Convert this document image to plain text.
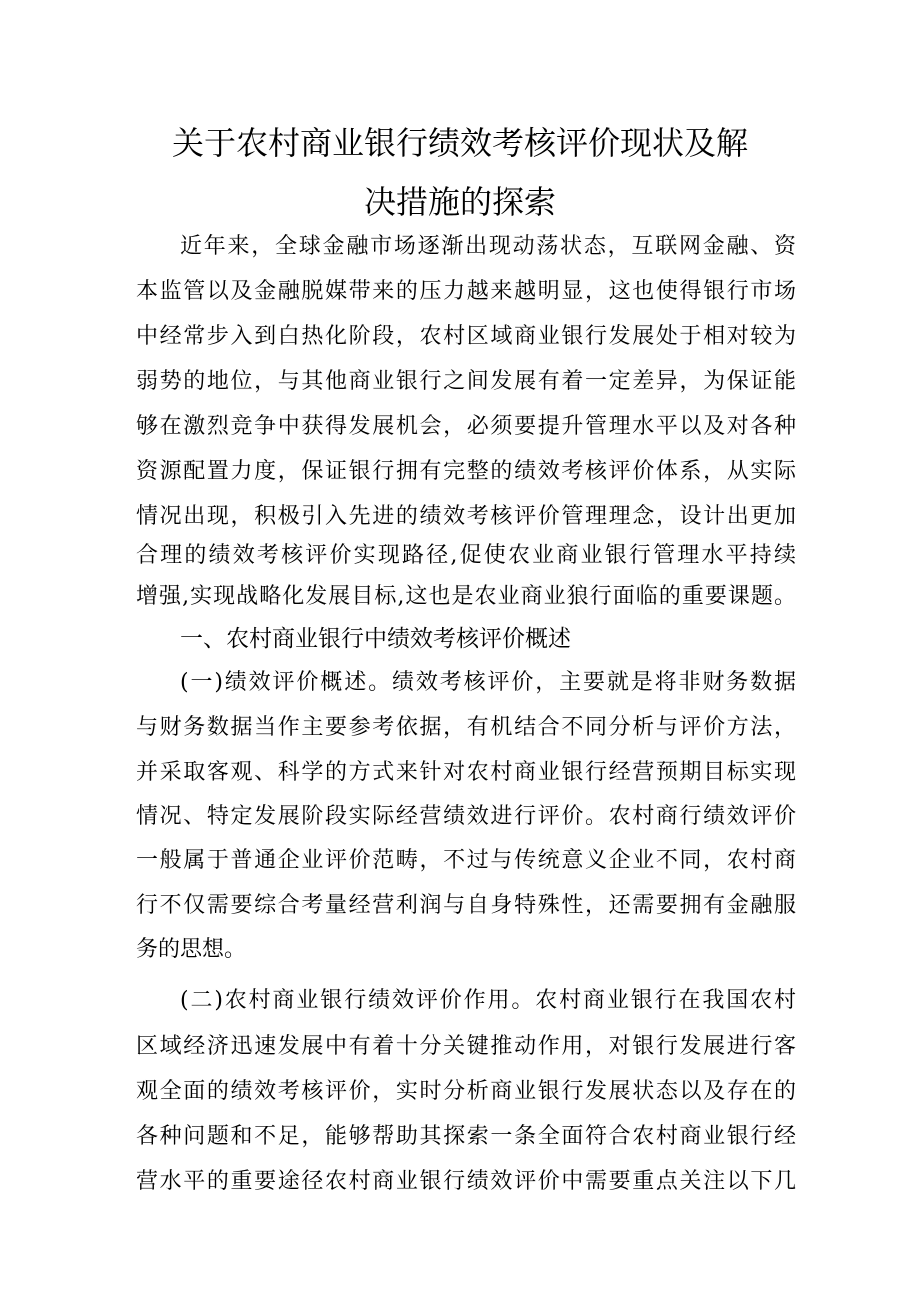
关于农村商业银行绩效考核评价现状及解
决措施的探索
近年来，全球金融市场逐渐出现动荡状态，互联网金融、资
本监管以及金融脱媒带来的压力越来越明显，这也使得银行市场
中经常步入到白热化阶段，农村区域商业银行发展处于相对较为
弱势的地位，与其他商业银行之间发展有着一定差异，为保证能
够在激烈竞争中获得发展机会，必须要提升管理水平以及对各种
资源配置力度，保证银行拥有完整的绩效考核评价体系，从实际
情况出现，积极引入先进的绩效考核评价管理理念，设计出更加
合理的绩效考核评价实现路径,促使农业商业银行管理水平持续
增强,实现战略化发展目标,这也是农业商业狼行面临的重要课题。
一、农村商业银行中绩效考核评价概述
(一)绩效评价概述。绩效考核评价，主要就是将非财务数据
与财务数据当作主要参考依据，有机结合不同分析与评价方法，
并采取客观、科学的方式来针对农村商业银行经营预期目标实现
情况、特定发展阶段实际经营绩效进行评价。农村商行绩效评价
一般属于普通企业评价范畴，不过与传统意义企业不同，农村商
行不仅需要综合考量经营利润与自身特殊性，还需要拥有金融服
务的思想。
(二)农村商业银行绩效评价作用。农村商业银行在我国农村
区域经济迅速发展中有着十分关键推动作用，对银行发展进行客
观全面的绩效考核评价，实时分析商业银行发展状态以及存在的
各种问题和不足，能够帮助其探索一条全面符合农村商业银行经
营水平的重要途径农村商业银行绩效评价中需要重点关注以下几
